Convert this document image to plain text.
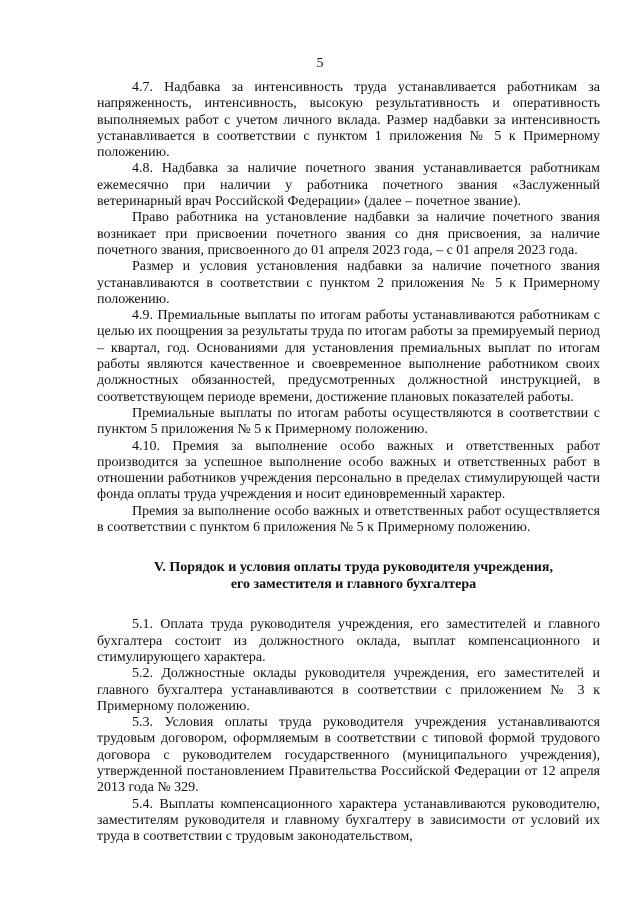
5

4.7. Надбавка за интенсивность труда устанавливается работникам за напряженность, интенсивность, высокую результативность и оперативность выполняемых работ с учетом личного вклада. Размер надбавки за интенсивность устанавливается в соответствии с пунктом 1 приложения № 5 к Примерному положению.

4.8. Надбавка за наличие почетного звания устанавливается работникам ежемесячно при наличии у работника почетного звания «Заслуженный ветеринарный врач Российской Федерации» (далее – почетное звание).

Право работника на установление надбавки за наличие почетного звания возникает при присвоении почетного звания со дня присвоения, за наличие почетного звания, присвоенного до 01 апреля 2023 года, – с 01 апреля 2023 года.

Размер и условия установления надбавки за наличие почетного звания устанавливаются в соответствии с пунктом 2 приложения № 5 к Примерному положению.

4.9. Премиальные выплаты по итогам работы устанавливаются работникам с целью их поощрения за результаты труда по итогам работы за премируемый период – квартал, год. Основаниями для установления премиальных выплат по итогам работы являются качественное и своевременное выполнение работником своих должностных обязанностей, предусмотренных должностной инструкцией, в соответствующем периоде времени, достижение плановых показателей работы.

Премиальные выплаты по итогам работы осуществляются в соответствии с пунктом 5 приложения № 5 к Примерному положению.

4.10. Премия за выполнение особо важных и ответственных работ производится за успешное выполнение особо важных и ответственных работ в отношении работников учреждения персонально в пределах стимулирующей части фонда оплаты труда учреждения и носит единовременный характер.

Премия за выполнение особо важных и ответственных работ осуществляется в соответствии с пунктом 6 приложения № 5 к Примерному положению.

V. Порядок и условия оплаты труда руководителя учреждения,
его заместителя и главного бухгалтера

5.1. Оплата труда руководителя учреждения, его заместителей и главного бухгалтера состоит из должностного оклада, выплат компенсационного и стимулирующего характера.

5.2. Должностные оклады руководителя учреждения, его заместителей и главного бухгалтера устанавливаются в соответствии с приложением № 3 к Примерному положению.

5.3. Условия оплаты труда руководителя учреждения устанавливаются трудовым договором, оформляемым в соответствии с типовой формой трудового договора с руководителем государственного (муниципального учреждения), утвержденной постановлением Правительства Российской Федерации от 12 апреля 2013 года № 329.

5.4. Выплаты компенсационного характера устанавливаются руководителю, заместителям руководителя и главному бухгалтеру в зависимости от условий их труда в соответствии с трудовым законодательством,
